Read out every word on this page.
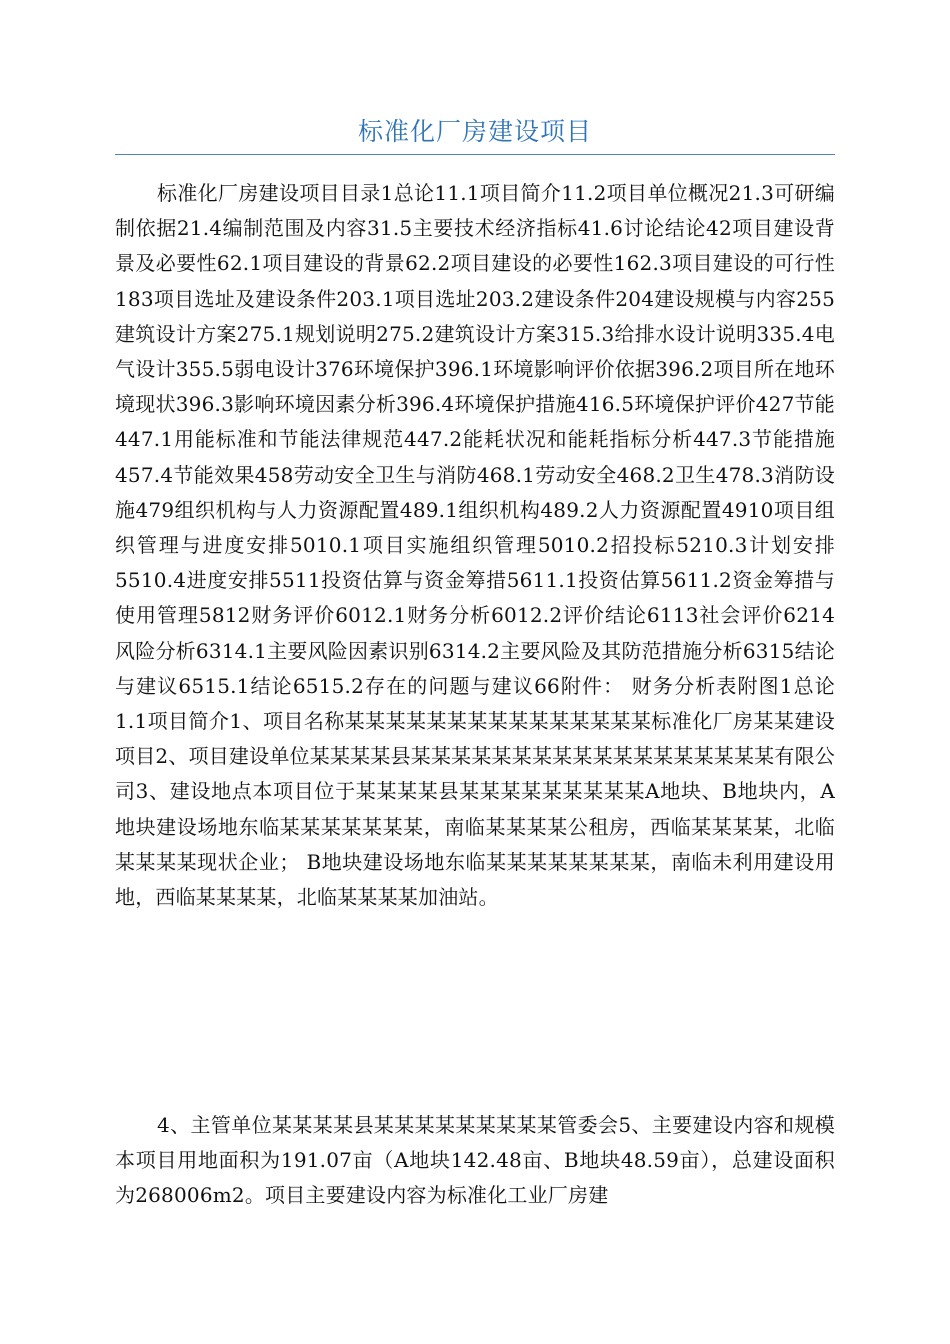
标准化厂房建设项目

标准化厂房建设项目目录1总论11.1项目简介11.2项目单位概况21.3可研编制依据21.4编制范围及内容31.5主要技术经济指标41.6讨论结论42项目建设背景及必要性62.1项目建设的背景62.2项目建设的必要性162.3项目建设的可行性183项目选址及建设条件203.1项目选址203.2建设条件204建设规模与内容255建筑设计方案275.1规划说明275.2建筑设计方案315.3给排水设计说明335.4电气设计355.5弱电设计376环境保护396.1环境影响评价依据396.2项目所在地环境现状396.3影响环境因素分析396.4环境保护措施416.5环境保护评价427节能447.1用能标准和节能法律规范447.2能耗状况和能耗指标分析447.3节能措施457.4节能效果458劳动安全卫生与消防468.1劳动安全468.2卫生478.3消防设施479组织机构与人力资源配置489.1组织机构489.2人力资源配置4910项目组织管理与进度安排5010.1项目实施组织管理5010.2招投标5210.3计划安排5510.4进度安排5511投资估算与资金筹措5611.1投资估算5611.2资金筹措与使用管理5812财务评价6012.1财务分析6012.2评价结论6113社会评价6214风险分析6314.1主要风险因素识别6314.2主要风险及其防范措施分析6315结论与建议6515.1结论6515.2存在的问题与建议66附件： 财务分析表附图1总论1.1项目简介1、项目名称某某某某某某某某某某某某某某某标准化厂房某某建设项目2、项目建设单位某某某某县某某某某某某某某某某某某某某某某某某有限公司3、建设地点本项目位于某某某某县某某某某某某某某某A地块、B地块内，A地块建设场地东临某某某某某某某，南临某某某某公租房，西临某某某某，北临某某某某现状企业； B地块建设场地东临某某某某某某某某，南临未利用建设用地，西临某某某某，北临某某某某加油站。

4、主管单位某某某某县某某某某某某某某某管委会5、主要建设内容和规模本项目用地面积为191.07亩（A地块142.48亩、B地块48.59亩），总建设面积为268006m2。项目主要建设内容为标准化工业厂房建
